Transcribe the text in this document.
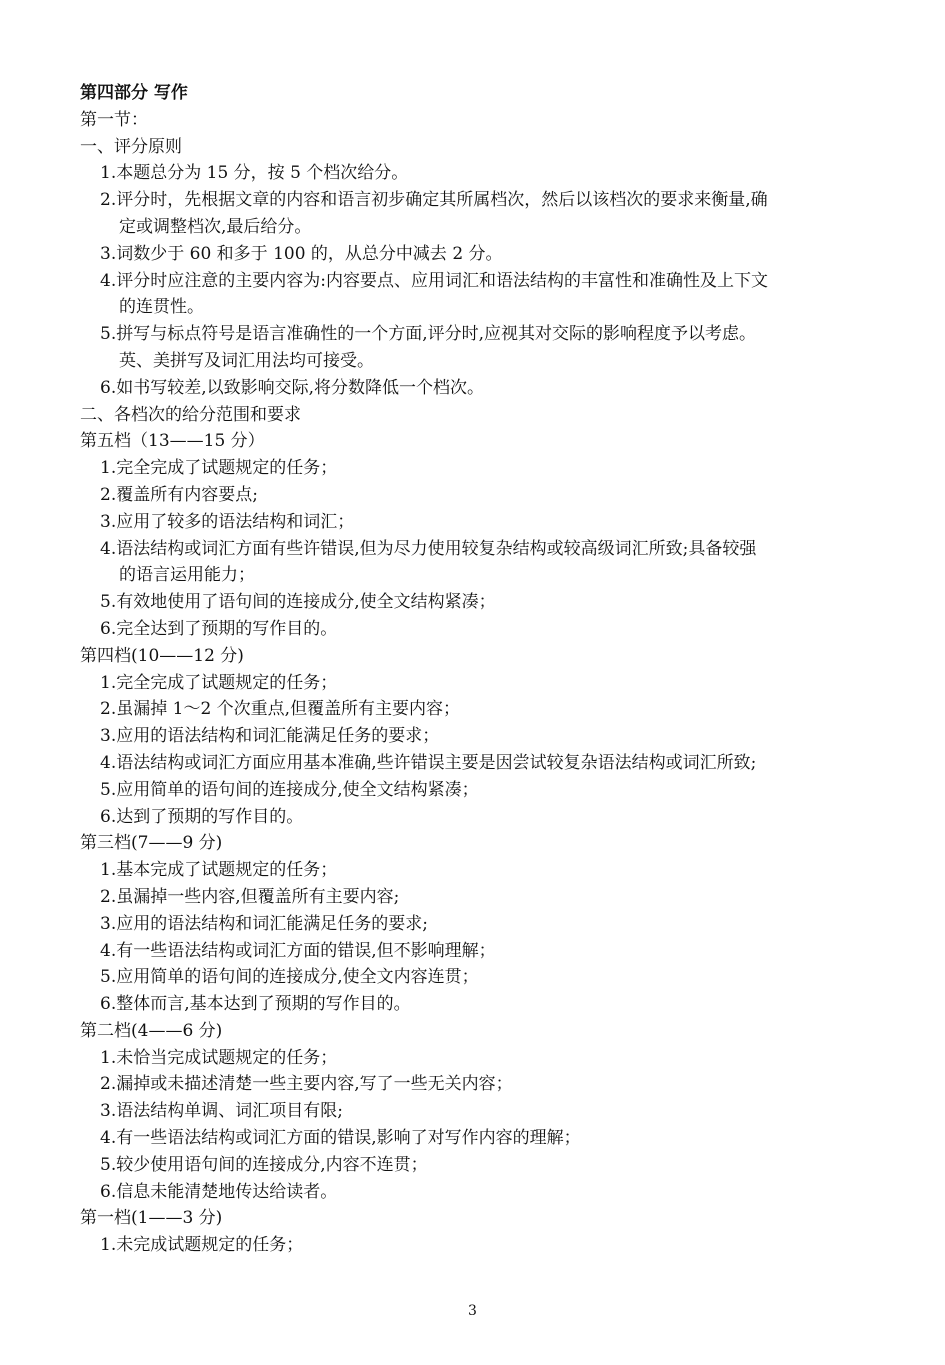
第四部分 写作
第一节：
一、评分原则
1.本题总分为 15 分，按 5 个档次给分。
2.评分时，先根据文章的内容和语言初步确定其所属档次，然后以该档次的要求来衡量,确
定或调整档次,最后给分。
3.词数少于 60 和多于 100 的，从总分中减去 2 分。
4.评分时应注意的主要内容为:内容要点、应用词汇和语法结构的丰富性和准确性及上下文
的连贯性。
5.拼写与标点符号是语言准确性的一个方面,评分时,应视其对交际的影响程度予以考虑。
英、美拼写及词汇用法均可接受。
6.如书写较差,以致影响交际,将分数降低一个档次。
二、各档次的给分范围和要求
第五档（13——15 分）
1.完全完成了试题规定的任务；
2.覆盖所有内容要点;
3.应用了较多的语法结构和词汇；
4.语法结构或词汇方面有些许错误,但为尽力使用较复杂结构或较高级词汇所致;具备较强
的语言运用能力；
5.有效地使用了语句间的连接成分,使全文结构紧凑；
6.完全达到了预期的写作目的。
第四档(10——12 分)
1.完全完成了试题规定的任务；
2.虽漏掉 1～2 个次重点,但覆盖所有主要内容；
3.应用的语法结构和词汇能满足任务的要求；
4.语法结构或词汇方面应用基本准确,些许错误主要是因尝试较复杂语法结构或词汇所致;
5.应用简单的语句间的连接成分,使全文结构紧凑；
6.达到了预期的写作目的。
第三档(7——9 分)
1.基本完成了试题规定的任务；
2.虽漏掉一些内容,但覆盖所有主要内容;
3.应用的语法结构和词汇能满足任务的要求;
4.有一些语法结构或词汇方面的错误,但不影响理解；
5.应用简单的语句间的连接成分,使全文内容连贯；
6.整体而言,基本达到了预期的写作目的。
第二档(4——6 分)
1.未恰当完成试题规定的任务；
2.漏掉或未描述清楚一些主要内容,写了一些无关内容；
3.语法结构单调、词汇项目有限;
4.有一些语法结构或词汇方面的错误,影响了对写作内容的理解；
5.较少使用语句间的连接成分,内容不连贯；
6.信息未能清楚地传达给读者。
第一档(1——3 分)
1.未完成试题规定的任务；
3
